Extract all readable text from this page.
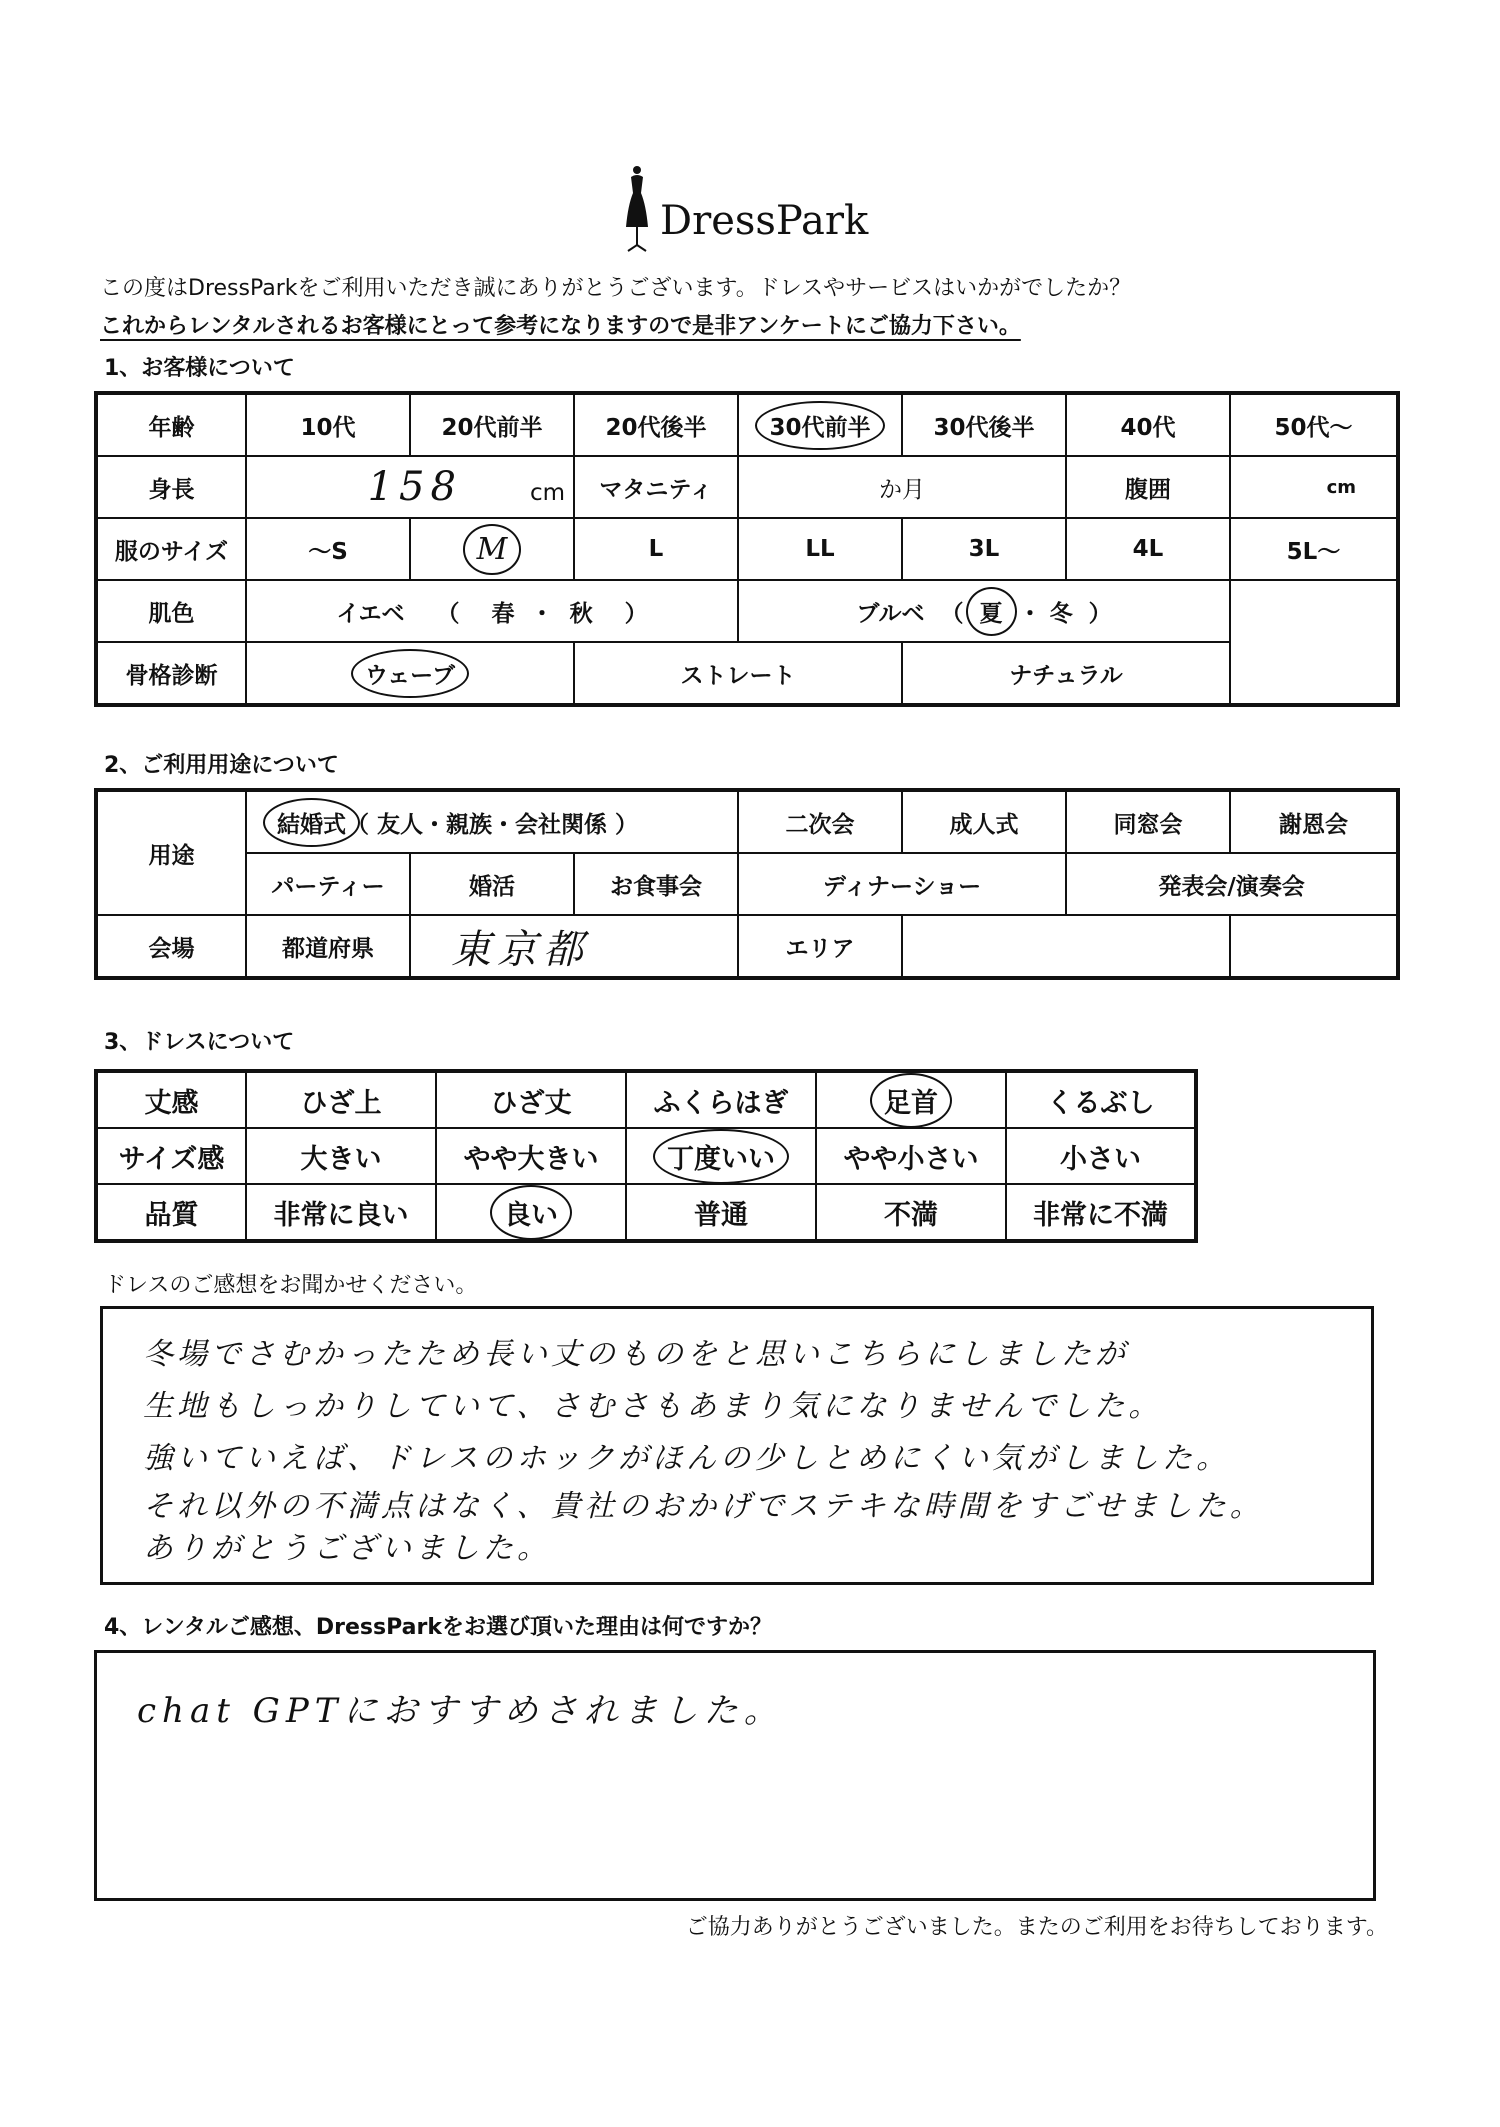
DressPark
この度はDressParkをご利用いただき誠にありがとうございます。ドレスやサービスはいかがでしたか？
これからレンタルされるお客様にとって参考になりますので是非アンケートにご協力下さい。
1、お客様について
年齢	10代	20代前半	20代後半	30代前半	30代後半	40代	50代～
身長	158 cm		マタニティ	か月		腹囲	cm
服のサイズ	～S	M	L	LL	3L	4L	5L～
肌色	イエベ  （  春 ・ 秋  ）			ブルベ  （  夏  ・ 冬  ）			
骨格診断	ウェーブ		ストレート		ナチュラル		
2、ご利用用途について
用途	結婚式（ 友人・親族・会社関係 ）			二次会	成人式	同窓会	謝恩会
	パーティー	婚活	お食事会	ディナーショー		発表会/演奏会	
会場	都道府県	東京都		エリア			
3、ドレスについて
丈感	ひざ上	ひざ丈	ふくらはぎ	足首	くるぶし
サイズ感	大きい	やや大きい	丁度いい	やや小さい	小さい
品質	非常に良い	良い	普通	不満	非常に不満
ドレスのご感想をお聞かせください。
冬場でさむかったため長い丈のものをと思いこちらにしましたが
生地もしっかりしていて、さむさもあまり気になりませんでした。
強いていえば、ドレスのホックがほんの少しとめにくい気がしました。
それ以外の不満点はなく、貴社のおかげでステキな時間をすごせました。
ありがとうございました。
4、レンタルご感想、DressParkをお選び頂いた理由は何ですか？
chat GPTにおすすめされました。
ご協力ありがとうございました。またのご利用をお待ちしております。
